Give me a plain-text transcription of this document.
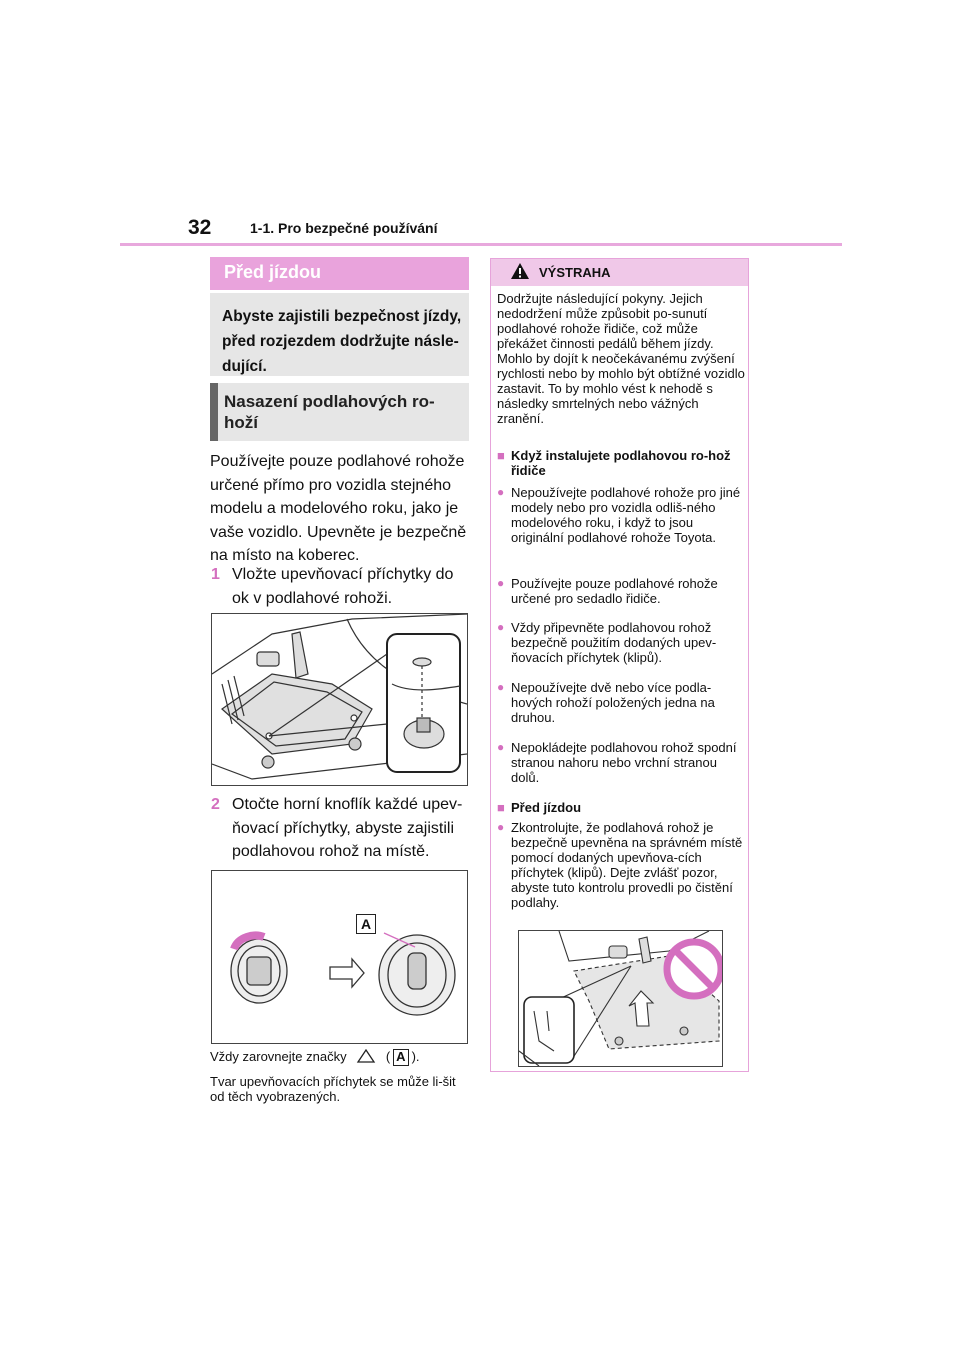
32	1-1. Pro bezpečné používání
Před jízdou
Abyste zajistili bezpečnost jízdy, před rozjezdem dodržujte násle-dující.
Nasazení podlahových ro-hoží
Používejte pouze podlahové rohože určené přímo pro vozidla stejného modelu a modelového roku, jako je vaše vozidlo. Upevněte je bezpečně na místo na koberec.
1 Vložte upevňovací příchytky do ok v podlahové rohoži.
2 Otočte horní knoflík každé upev-ňovací příchytky, abyste zajistili podlahovou rohož na místě.
A
Vždy zarovnejte značky	( A ).
Tvar upevňovacích příchytek se může li-šit od těch vyobrazených.
VÝSTRAHA
Dodržujte následující pokyny. Jejich nedodržení může způsobit po-sunutí podlahové rohože řidiče, což může překážet činnosti pedálů během jízdy. Mohlo by dojít k neočekávanému zvýšení rychlosti nebo by mohlo být obtížné vozidlo zastavit. To by mohlo vést k nehodě s následky smrtelných nebo vážných zranění.
■ Když instalujete podlahovou ro-hož řidiče
● Nepoužívejte podlahové rohože pro jiné modely nebo pro vozidla odliš-ného modelového roku, i když to jsou originální podlahové rohože Toyota.
● Používejte pouze podlahové rohože určené pro sedadlo řidiče.
● Vždy připevněte podlahovou rohož bezpečně použitím dodaných upev-ňovacích příchytek (klipů).
● Nepoužívejte dvě nebo více podla-hových rohoží položených jedna na druhou.
● Nepokládejte podlahovou rohož spodní stranou nahoru nebo vrchní stranou dolů.
■ Před jízdou
● Zkontrolujte, že podlahová rohož je bezpečně upevněna na správném místě pomocí dodaných upevňova-cích příchytek (klipů). Dejte zvlášť pozor, abyste tuto kontrolu provedli po čistění podlahy.
